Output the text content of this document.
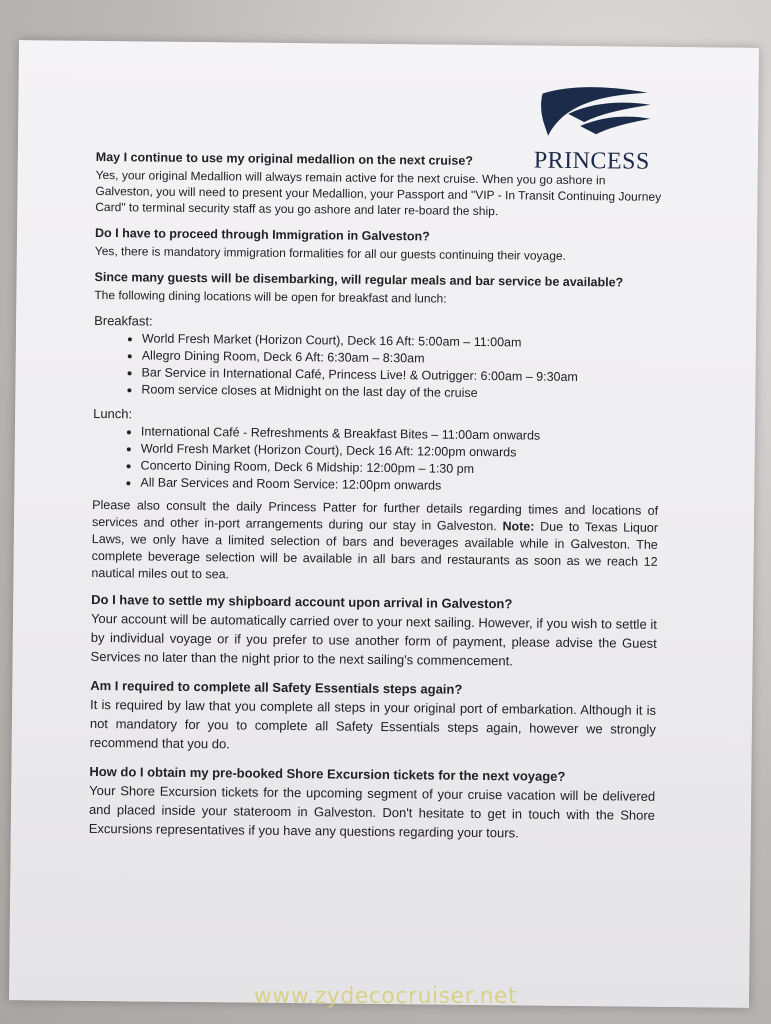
PRINCESS
May I continue to use my original medallion on the next cruise?
Yes, your original Medallion will always remain active for the next cruise. When you go ashore in Galveston, you will need to present your Medallion, your Passport and "VIP - In Transit Continuing Journey Card" to terminal security staff as you go ashore and later re-board the ship.
Do I have to proceed through Immigration in Galveston?
Yes, there is mandatory immigration formalities for all our guests continuing their voyage.
Since many guests will be disembarking, will regular meals and bar service be available?
The following dining locations will be open for breakfast and lunch:
Breakfast:
• World Fresh Market (Horizon Court), Deck 16 Aft: 5:00am – 11:00am
• Allegro Dining Room, Deck 6 Aft: 6:30am – 8:30am
• Bar Service in International Café, Princess Live! & Outrigger: 6:00am – 9:30am
• Room service closes at Midnight on the last day of the cruise
Lunch:
• International Café - Refreshments & Breakfast Bites – 11:00am onwards
• World Fresh Market (Horizon Court), Deck 16 Aft: 12:00pm onwards
• Concerto Dining Room, Deck 6 Midship: 12:00pm – 1:30 pm
• All Bar Services and Room Service: 12:00pm onwards
Please also consult the daily Princess Patter for further details regarding times and locations of services and other in-port arrangements during our stay in Galveston. Note: Due to Texas Liquor Laws, we only have a limited selection of bars and beverages available while in Galveston. The complete beverage selection will be available in all bars and restaurants as soon as we reach 12 nautical miles out to sea.
Do I have to settle my shipboard account upon arrival in Galveston?
Your account will be automatically carried over to your next sailing. However, if you wish to settle it by individual voyage or if you prefer to use another form of payment, please advise the Guest Services no later than the night prior to the next sailing's commencement.
Am I required to complete all Safety Essentials steps again?
It is required by law that you complete all steps in your original port of embarkation. Although it is not mandatory for you to complete all Safety Essentials steps again, however we strongly recommend that you do.
How do I obtain my pre-booked Shore Excursion tickets for the next voyage?
Your Shore Excursion tickets for the upcoming segment of your cruise vacation will be delivered and placed inside your stateroom in Galveston. Don't hesitate to get in touch with the Shore Excursions representatives if you have any questions regarding your tours.
www.zydecocruiser.net
